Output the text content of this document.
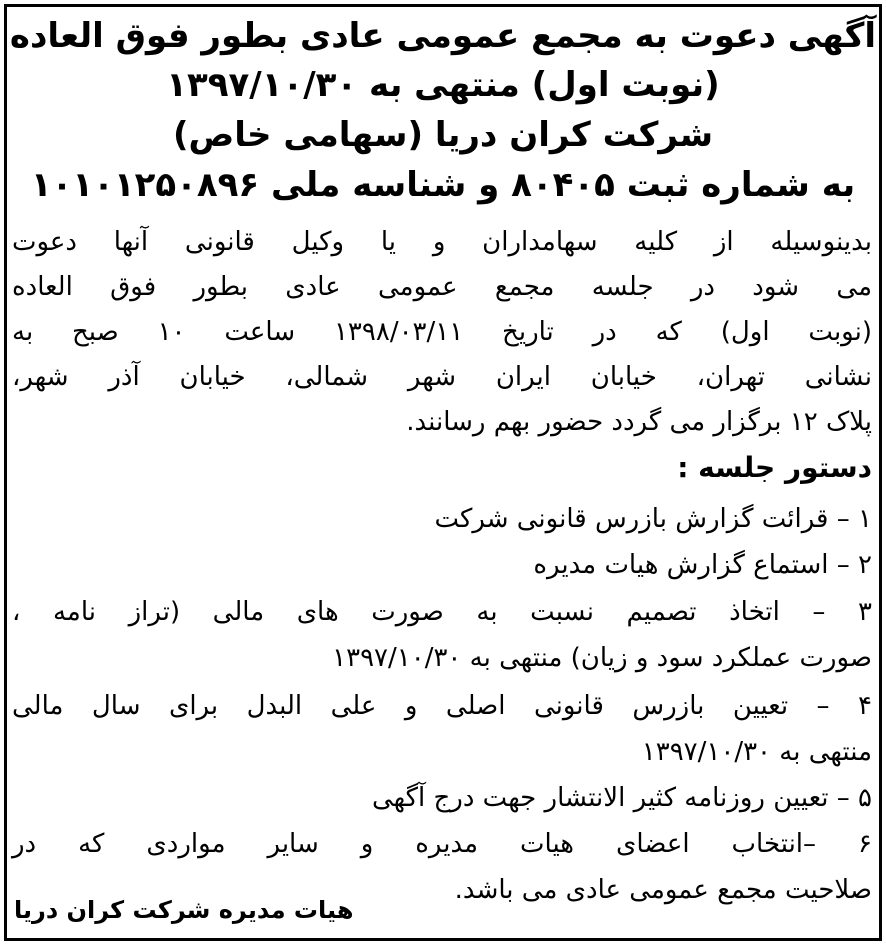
آگهی دعوت به مجمع عمومی عادی بطور فوق العاده
(نوبت اول) منتهی به ۱۳۹۷/۱۰/۳۰
شرکت کران دریا (سهامی خاص)
به شماره ثبت ۸۰۴۰۵ و شناسه ملی ۱۰۱۰۱۲۵۰۸۹۶
بدینوسیله از کلیه سهامداران و یا وکیل قانونی آنها دعوت
می شود در جلسه مجمع عمومی عادی بطور فوق العاده
(نوبت اول) که در تاریخ ۱۳۹۸/۰۳/۱۱ ساعت ۱۰ صبح به
نشانی تهران، خیابان ایران شهر شمالی، خیابان آذر شهر،
پلاک ۱۲ برگزار می گردد حضور بهم رسانند.
دستور جلسه :
۱ – قرائت گزارش بازرس قانونی شرکت
۲ – استماع گزارش هیات مدیره
۳ – اتخاذ تصمیم نسبت به صورت های مالی (تراز نامه ،
صورت عملکرد سود و زیان) منتهی به ۱۳۹۷/۱۰/۳۰
۴ – تعیین بازرس قانونی اصلی و علی البدل برای سال مالی
منتهی به ۱۳۹۷/۱۰/۳۰
۵ – تعیین روزنامه کثیر الانتشار جهت درج آگهی
۶ –انتخاب اعضای هیات مدیره و سایر مواردی که در
صلاحیت مجمع عمومی عادی می باشد.
هیات مدیره شرکت کران دریا
